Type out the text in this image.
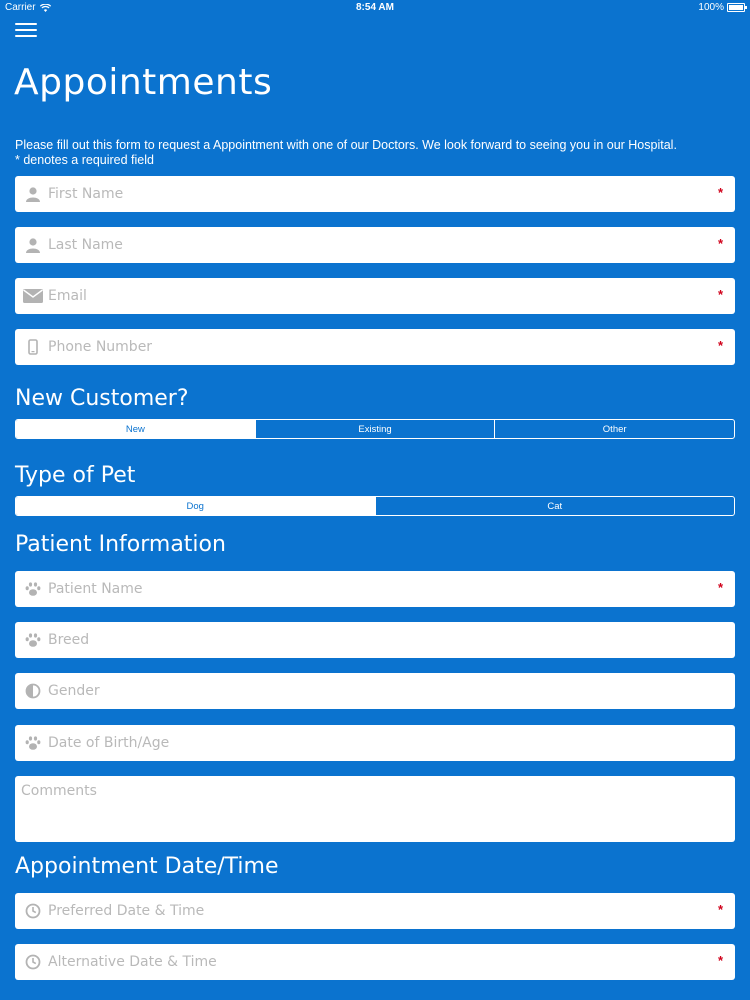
Carrier	8:54 AM	100%
Appointments
Please fill out this form to request a Appointment with one of our Doctors. We look forward to seeing you in our Hospital.
* denotes a required field
First Name
*
Last Name
*
Email
*
Phone Number
*
New Customer?
New	Existing	Other
Type of Pet
Dog	Cat
Patient Information
Patient Name
*
Breed
Gender
Date of Birth/Age
Comments
Appointment Date/Time
Preferred Date & Time
*
Alternative Date & Time
*
